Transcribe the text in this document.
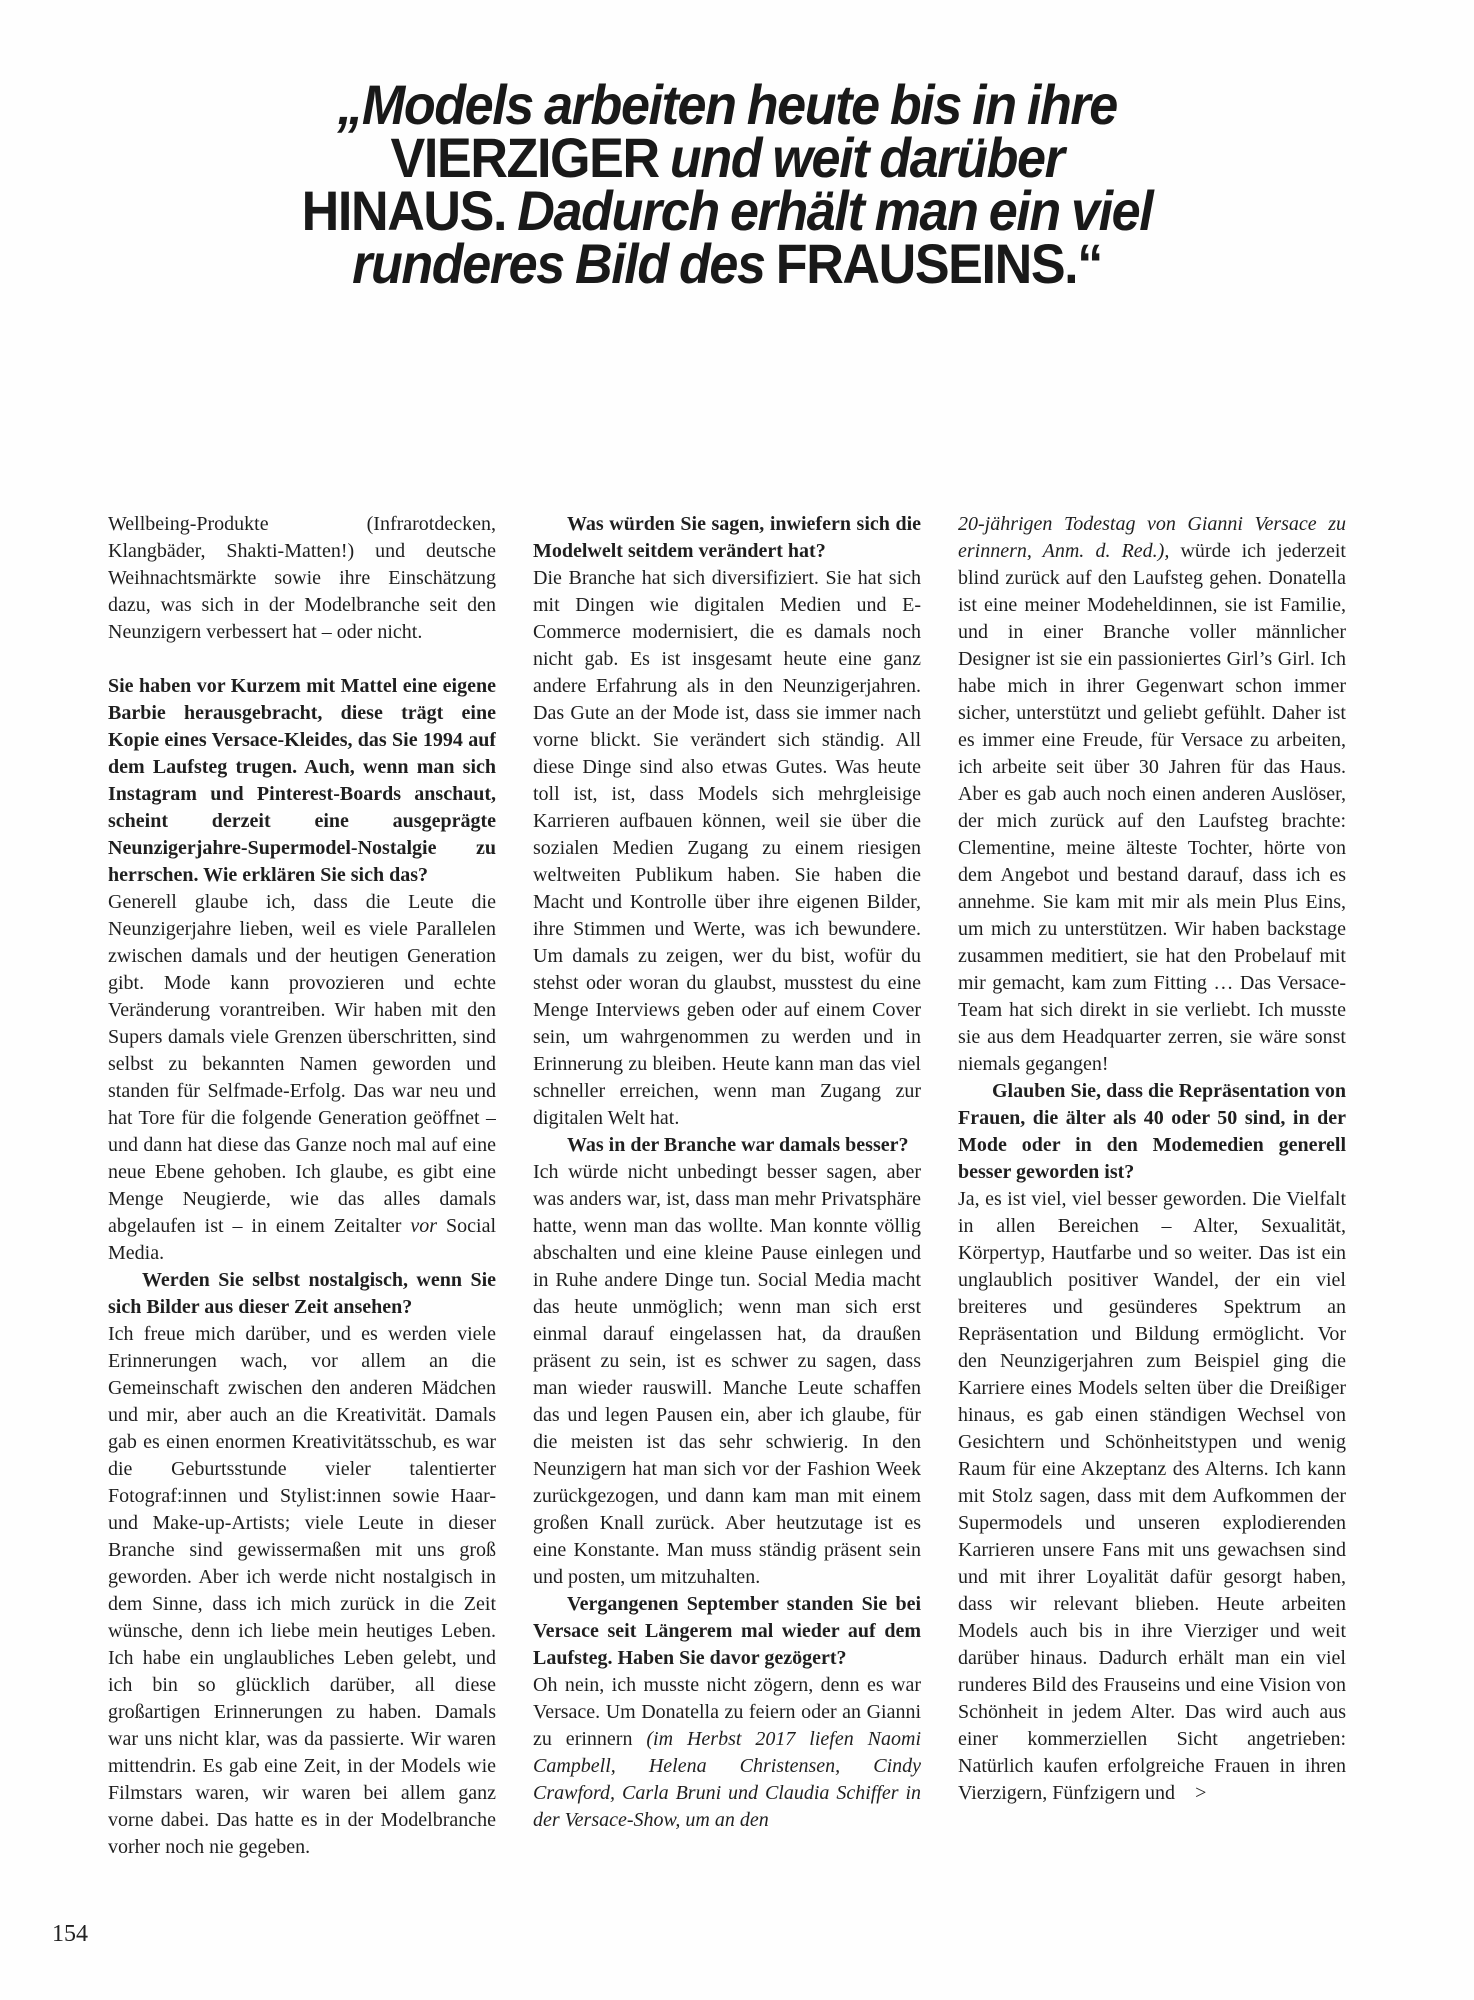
„Models arbeiten heute bis in ihre
VIERZIGER und weit darüber
HINAUS. Dadurch erhält man ein viel
runderes Bild des FRAUSEINS.“

Wellbeing-Produkte (Infrarotdecken, Klangbäder, Shakti-Matten!) und deutsche Weihnachtsmärkte sowie ihre Einschätzung dazu, was sich in der Modelbranche seit den Neunzigern verbessert hat – oder nicht.

Sie haben vor Kurzem mit Mattel eine eigene Barbie herausgebracht, diese trägt eine Kopie eines Versace-Kleides, das Sie 1994 auf dem Laufsteg trugen. Auch, wenn man sich Instagram und Pinterest-Boards anschaut, scheint derzeit eine ausgeprägte Neunzigerjahre-Supermodel-Nostalgie zu herrschen. Wie erklären Sie sich das?

Generell glaube ich, dass die Leute die Neunzigerjahre lieben, weil es viele Parallelen zwischen damals und der heutigen Generation gibt. Mode kann provozieren und echte Veränderung vorantreiben. Wir haben mit den Supers damals viele Grenzen überschritten, sind selbst zu bekannten Namen geworden und standen für Selfmade-Erfolg. Das war neu und hat Tore für die folgende Generation geöffnet – und dann hat diese das Ganze noch mal auf eine neue Ebene gehoben. Ich glaube, es gibt eine Menge Neugierde, wie das alles damals abgelaufen ist – in einem Zeitalter vor Social Media.

Werden Sie selbst nostalgisch, wenn Sie sich Bilder aus dieser Zeit ansehen?

Ich freue mich darüber, und es werden viele Erinnerungen wach, vor allem an die Gemeinschaft zwischen den anderen Mädchen und mir, aber auch an die Kreativität. Damals gab es einen enormen Kreativitätsschub, es war die Geburtsstunde vieler talentierter Fotograf:innen und Stylist:innen sowie Haar- und Make-up-Artists; viele Leute in dieser Branche sind gewissermaßen mit uns groß geworden. Aber ich werde nicht nostalgisch in dem Sinne, dass ich mich zurück in die Zeit wünsche, denn ich liebe mein heutiges Leben. Ich habe ein unglaubliches Leben gelebt, und ich bin so glücklich darüber, all diese großartigen Erinnerungen zu haben. Damals war uns nicht klar, was da passierte. Wir waren mittendrin. Es gab eine Zeit, in der Models wie Filmstars waren, wir waren bei allem ganz vorne dabei. Das hatte es in der Modelbranche vorher noch nie gegeben.

Was würden Sie sagen, inwiefern sich die Modelwelt seitdem verändert hat?

Die Branche hat sich diversifiziert. Sie hat sich mit Dingen wie digitalen Medien und E-Commerce modernisiert, die es damals noch nicht gab. Es ist insgesamt heute eine ganz andere Erfahrung als in den Neunzigerjahren. Das Gute an der Mode ist, dass sie immer nach vorne blickt. Sie verändert sich ständig. All diese Dinge sind also etwas Gutes. Was heute toll ist, ist, dass Models sich mehrgleisige Karrieren aufbauen können, weil sie über die sozialen Medien Zugang zu einem riesigen weltweiten Publikum haben. Sie haben die Macht und Kontrolle über ihre eigenen Bilder, ihre Stimmen und Werte, was ich bewundere. Um damals zu zeigen, wer du bist, wofür du stehst oder woran du glaubst, musstest du eine Menge Interviews geben oder auf einem Cover sein, um wahrgenommen zu werden und in Erinnerung zu bleiben. Heute kann man das viel schneller erreichen, wenn man Zugang zur digitalen Welt hat.

Was in der Branche war damals besser?

Ich würde nicht unbedingt besser sagen, aber was anders war, ist, dass man mehr Privatsphäre hatte, wenn man das wollte. Man konnte völlig abschalten und eine kleine Pause einlegen und in Ruhe andere Dinge tun. Social Media macht das heute unmöglich; wenn man sich erst einmal darauf eingelassen hat, da draußen präsent zu sein, ist es schwer zu sagen, dass man wieder rauswill. Manche Leute schaffen das und legen Pausen ein, aber ich glaube, für die meisten ist das sehr schwierig. In den Neunzigern hat man sich vor der Fashion Week zurückgezogen, und dann kam man mit einem großen Knall zurück. Aber heutzutage ist es eine Konstante. Man muss ständig präsent sein und posten, um mitzuhalten.

Vergangenen September standen Sie bei Versace seit Längerem mal wieder auf dem Laufsteg. Haben Sie davor gezögert?

Oh nein, ich musste nicht zögern, denn es war Versace. Um Donatella zu feiern oder an Gianni zu erinnern (im Herbst 2017 liefen Naomi Campbell, Helena Christensen, Cindy Crawford, Carla Bruni und Claudia Schiffer in der Versace-Show, um an den

20-jährigen Todestag von Gianni Versace zu erinnern, Anm. d. Red.), würde ich jederzeit blind zurück auf den Laufsteg gehen. Donatella ist eine meiner Modeheldinnen, sie ist Familie, und in einer Branche voller männlicher Designer ist sie ein passioniertes Girl’s Girl. Ich habe mich in ihrer Gegenwart schon immer sicher, unterstützt und geliebt gefühlt. Daher ist es immer eine Freude, für Versace zu arbeiten, ich arbeite seit über 30 Jahren für das Haus. Aber es gab auch noch einen anderen Auslöser, der mich zurück auf den Laufsteg brachte: Clementine, meine älteste Tochter, hörte von dem Angebot und bestand darauf, dass ich es annehme. Sie kam mit mir als mein Plus Eins, um mich zu unterstützen. Wir haben backstage zusammen meditiert, sie hat den Probelauf mit mir gemacht, kam zum Fitting … Das Versace-Team hat sich direkt in sie verliebt. Ich musste sie aus dem Headquarter zerren, sie wäre sonst niemals gegangen!

Glauben Sie, dass die Repräsentation von Frauen, die älter als 40 oder 50 sind, in der Mode oder in den Modemedien generell besser geworden ist?

Ja, es ist viel, viel besser geworden. Die Vielfalt in allen Bereichen – Alter, Sexualität, Körpertyp, Hautfarbe und so weiter. Das ist ein unglaublich positiver Wandel, der ein viel breiteres und gesünderes Spektrum an Repräsentation und Bildung ermöglicht. Vor den Neunzigerjahren zum Beispiel ging die Karriere eines Models selten über die Dreißiger hinaus, es gab einen ständigen Wechsel von Gesichtern und Schönheitstypen und wenig Raum für eine Akzeptanz des Alterns. Ich kann mit Stolz sagen, dass mit dem Aufkommen der Supermodels und unseren explodierenden Karrieren unsere Fans mit uns gewachsen sind und mit ihrer Loyalität dafür gesorgt haben, dass wir relevant blieben. Heute arbeiten Models auch bis in ihre Vierziger und weit darüber hinaus. Dadurch erhält man ein viel runderes Bild des Frauseins und eine Vision von Schönheit in jedem Alter. Das wird auch aus einer kommerziellen Sicht angetrieben: Natürlich kaufen erfolgreiche Frauen in ihren Vierzigern, Fünfzigern und >

154
